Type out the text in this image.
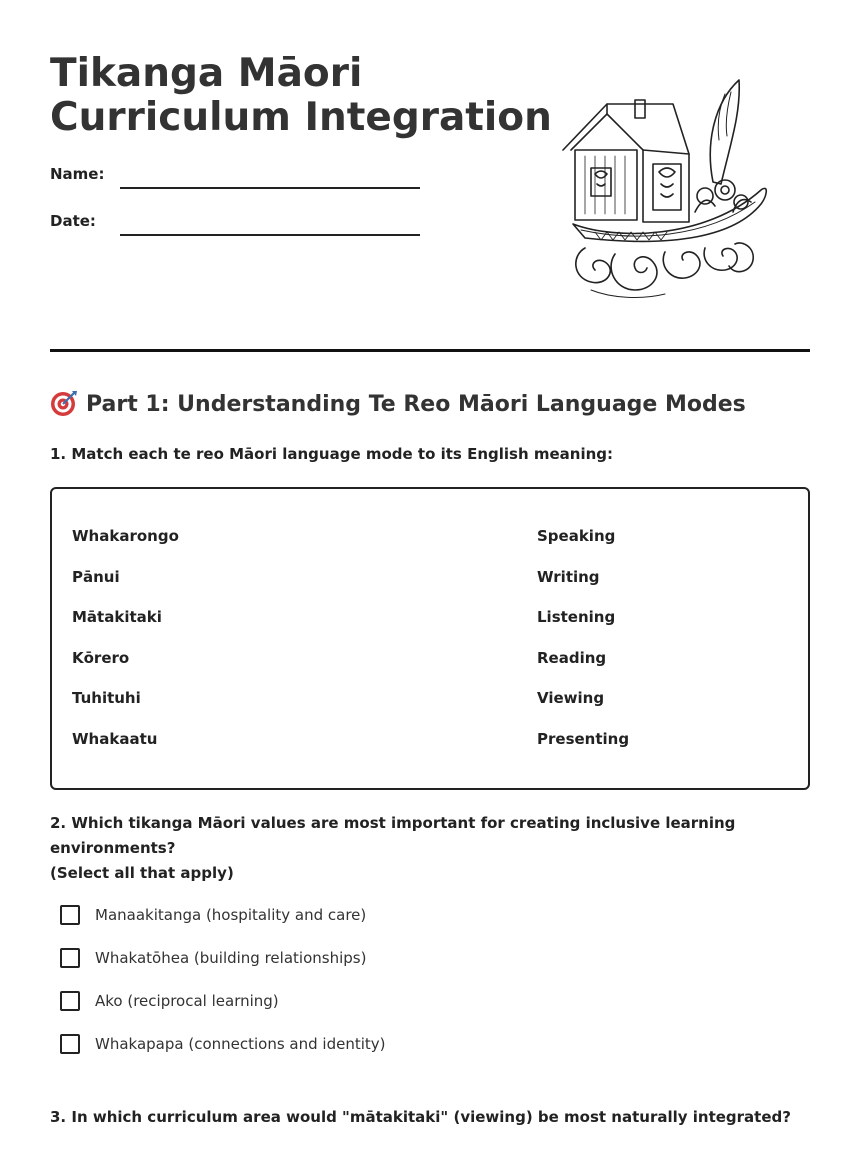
Tikanga Māori
Curriculum Integration
Name:
Date:
Part 1: Understanding Te Reo Māori Language Modes

1. Match each te reo Māori language mode to its English meaning:

Whakarongo
Pānui
Mātakitaki
Kōrero
Tuhituhi
Whakaatu
Speaking
Writing
Listening
Reading
Viewing
Presenting

2. Which tikanga Māori values are most important for creating inclusive learning environments?
(Select all that apply)

Manaakitanga (hospitality and care)
Whakatōhea (building relationships)
Ako (reciprocal learning)
Whakapapa (connections and identity)

3. In which curriculum area would "mātakitaki" (viewing) be most naturally integrated?
